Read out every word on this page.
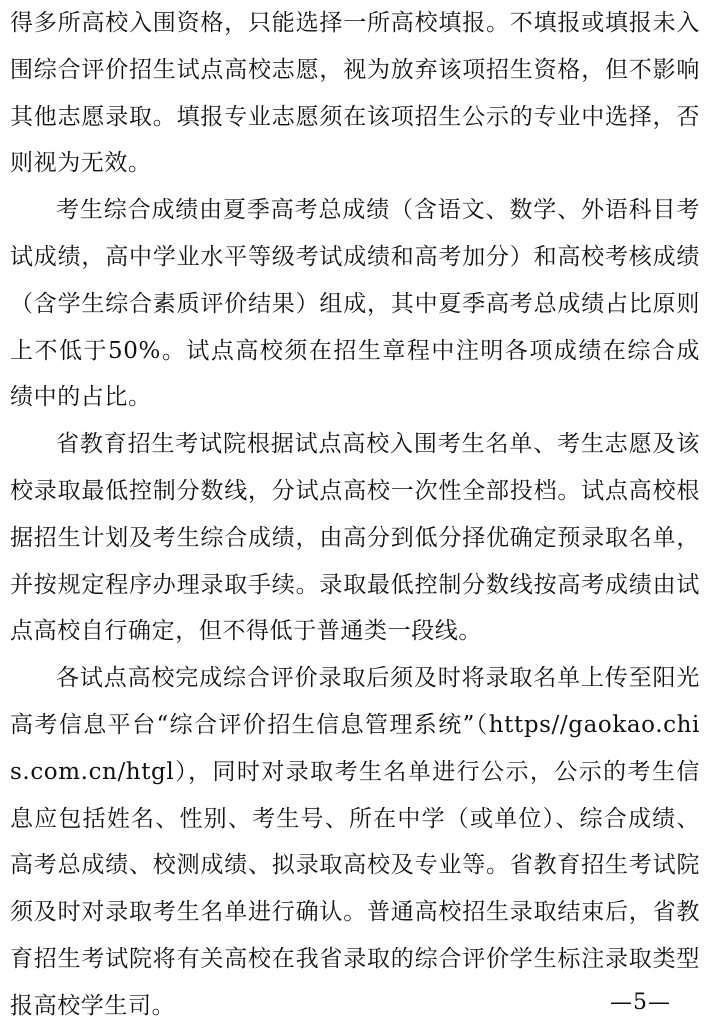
得多所高校入围资格，只能选择一所高校填报。不填报或填报未入围综合评价招生试点高校志愿，视为放弃该项招生资格，但不影响其他志愿录取。填报专业志愿须在该项招生公示的专业中选择，否则视为无效。

考生综合成绩由夏季高考总成绩（含语文、数学、外语科目考试成绩，高中学业水平等级考试成绩和高考加分）和高校考核成绩（含学生综合素质评价结果）组成，其中夏季高考总成绩占比原则上不低于50%。试点高校须在招生章程中注明各项成绩在综合成绩中的占比。

省教育招生考试院根据试点高校入围考生名单、考生志愿及该校录取最低控制分数线，分试点高校一次性全部投档。试点高校根据招生计划及考生综合成绩，由高分到低分择优确定预录取名单，并按规定程序办理录取手续。录取最低控制分数线按高考成绩由试点高校自行确定，但不得低于普通类一段线。

各试点高校完成综合评价录取后须及时将录取名单上传至阳光高考信息平台“综合评价招生信息管理系统”（https//gaokao.chis.com.cn/htgl），同时对录取考生名单进行公示，公示的考生信息应包括姓名、性别、考生号、所在中学（或单位）、综合成绩、高考总成绩、校测成绩、拟录取高校及专业等。省教育招生考试院须及时对录取考生名单进行确认。普通高校招生录取结束后，省教育招生考试院将有关高校在我省录取的综合评价学生标注录取类型报高校学生司。	—5—
